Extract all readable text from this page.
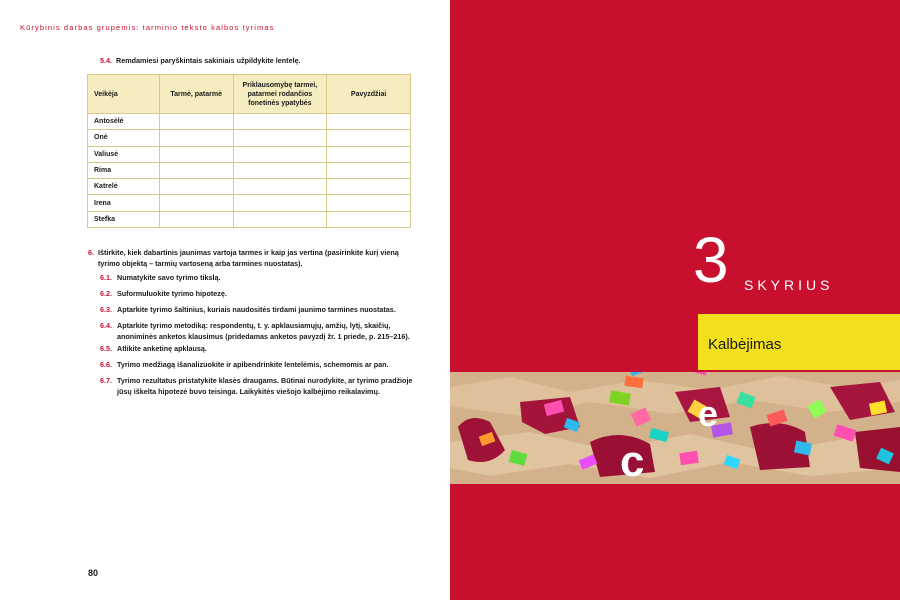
Kūrybinis darbas grupėmis: tarminio teksto kalbos tyrimas
5.4. Remdamiesi paryškintais sakiniais užpildykite lentelę.
Veikėja	Tarmė, patarmė	Priklausomybę tarmei, patarmei rodančios fonetinės ypatybės	Pavyzdžiai
Antosėlė			
Onė			
Valiusė			
Rima			
Katrelė			
Irena			
Stefka			
6. Ištirkite, kiek dabartinis jaunimas vartoja tarmes ir kaip jas vertina (pasirinkite kurį vieną tyrimo objektą – tarmių vartoseną arba tarmines nuostatas).
6.1. Numatykite savo tyrimo tikslą.
6.2. Suformuluokite tyrimo hipotezę.
6.3. Aptarkite tyrimo šaltinius, kuriais naudositės tirdami jaunimo tarmines nuostatas.
6.4. Aptarkite tyrimo metodiką: respondentų, t. y. apklausiamųjų, amžių, lytį, skaičių, anoniminės anketos klausimus (pridedamas anketos pavyzdį žr. 1 priede, p. 215–216).
6.5. Atlikite anketinę apklausą.
6.6. Tyrimo medžiagą išanalizuokite ir apibendrinkite lentelėmis, schemomis ar pan.
6.7. Tyrimo rezultatus pristatykite klasės draugams. Būtinai nurodykite, ar tyrimo pradžioje jūsų iškelta hipotezė buvo teisinga. Laikykitės viešojo kalbėjimo reikalavimų.
80
3 SKYRIUS
Kalbėjimas
e
c
